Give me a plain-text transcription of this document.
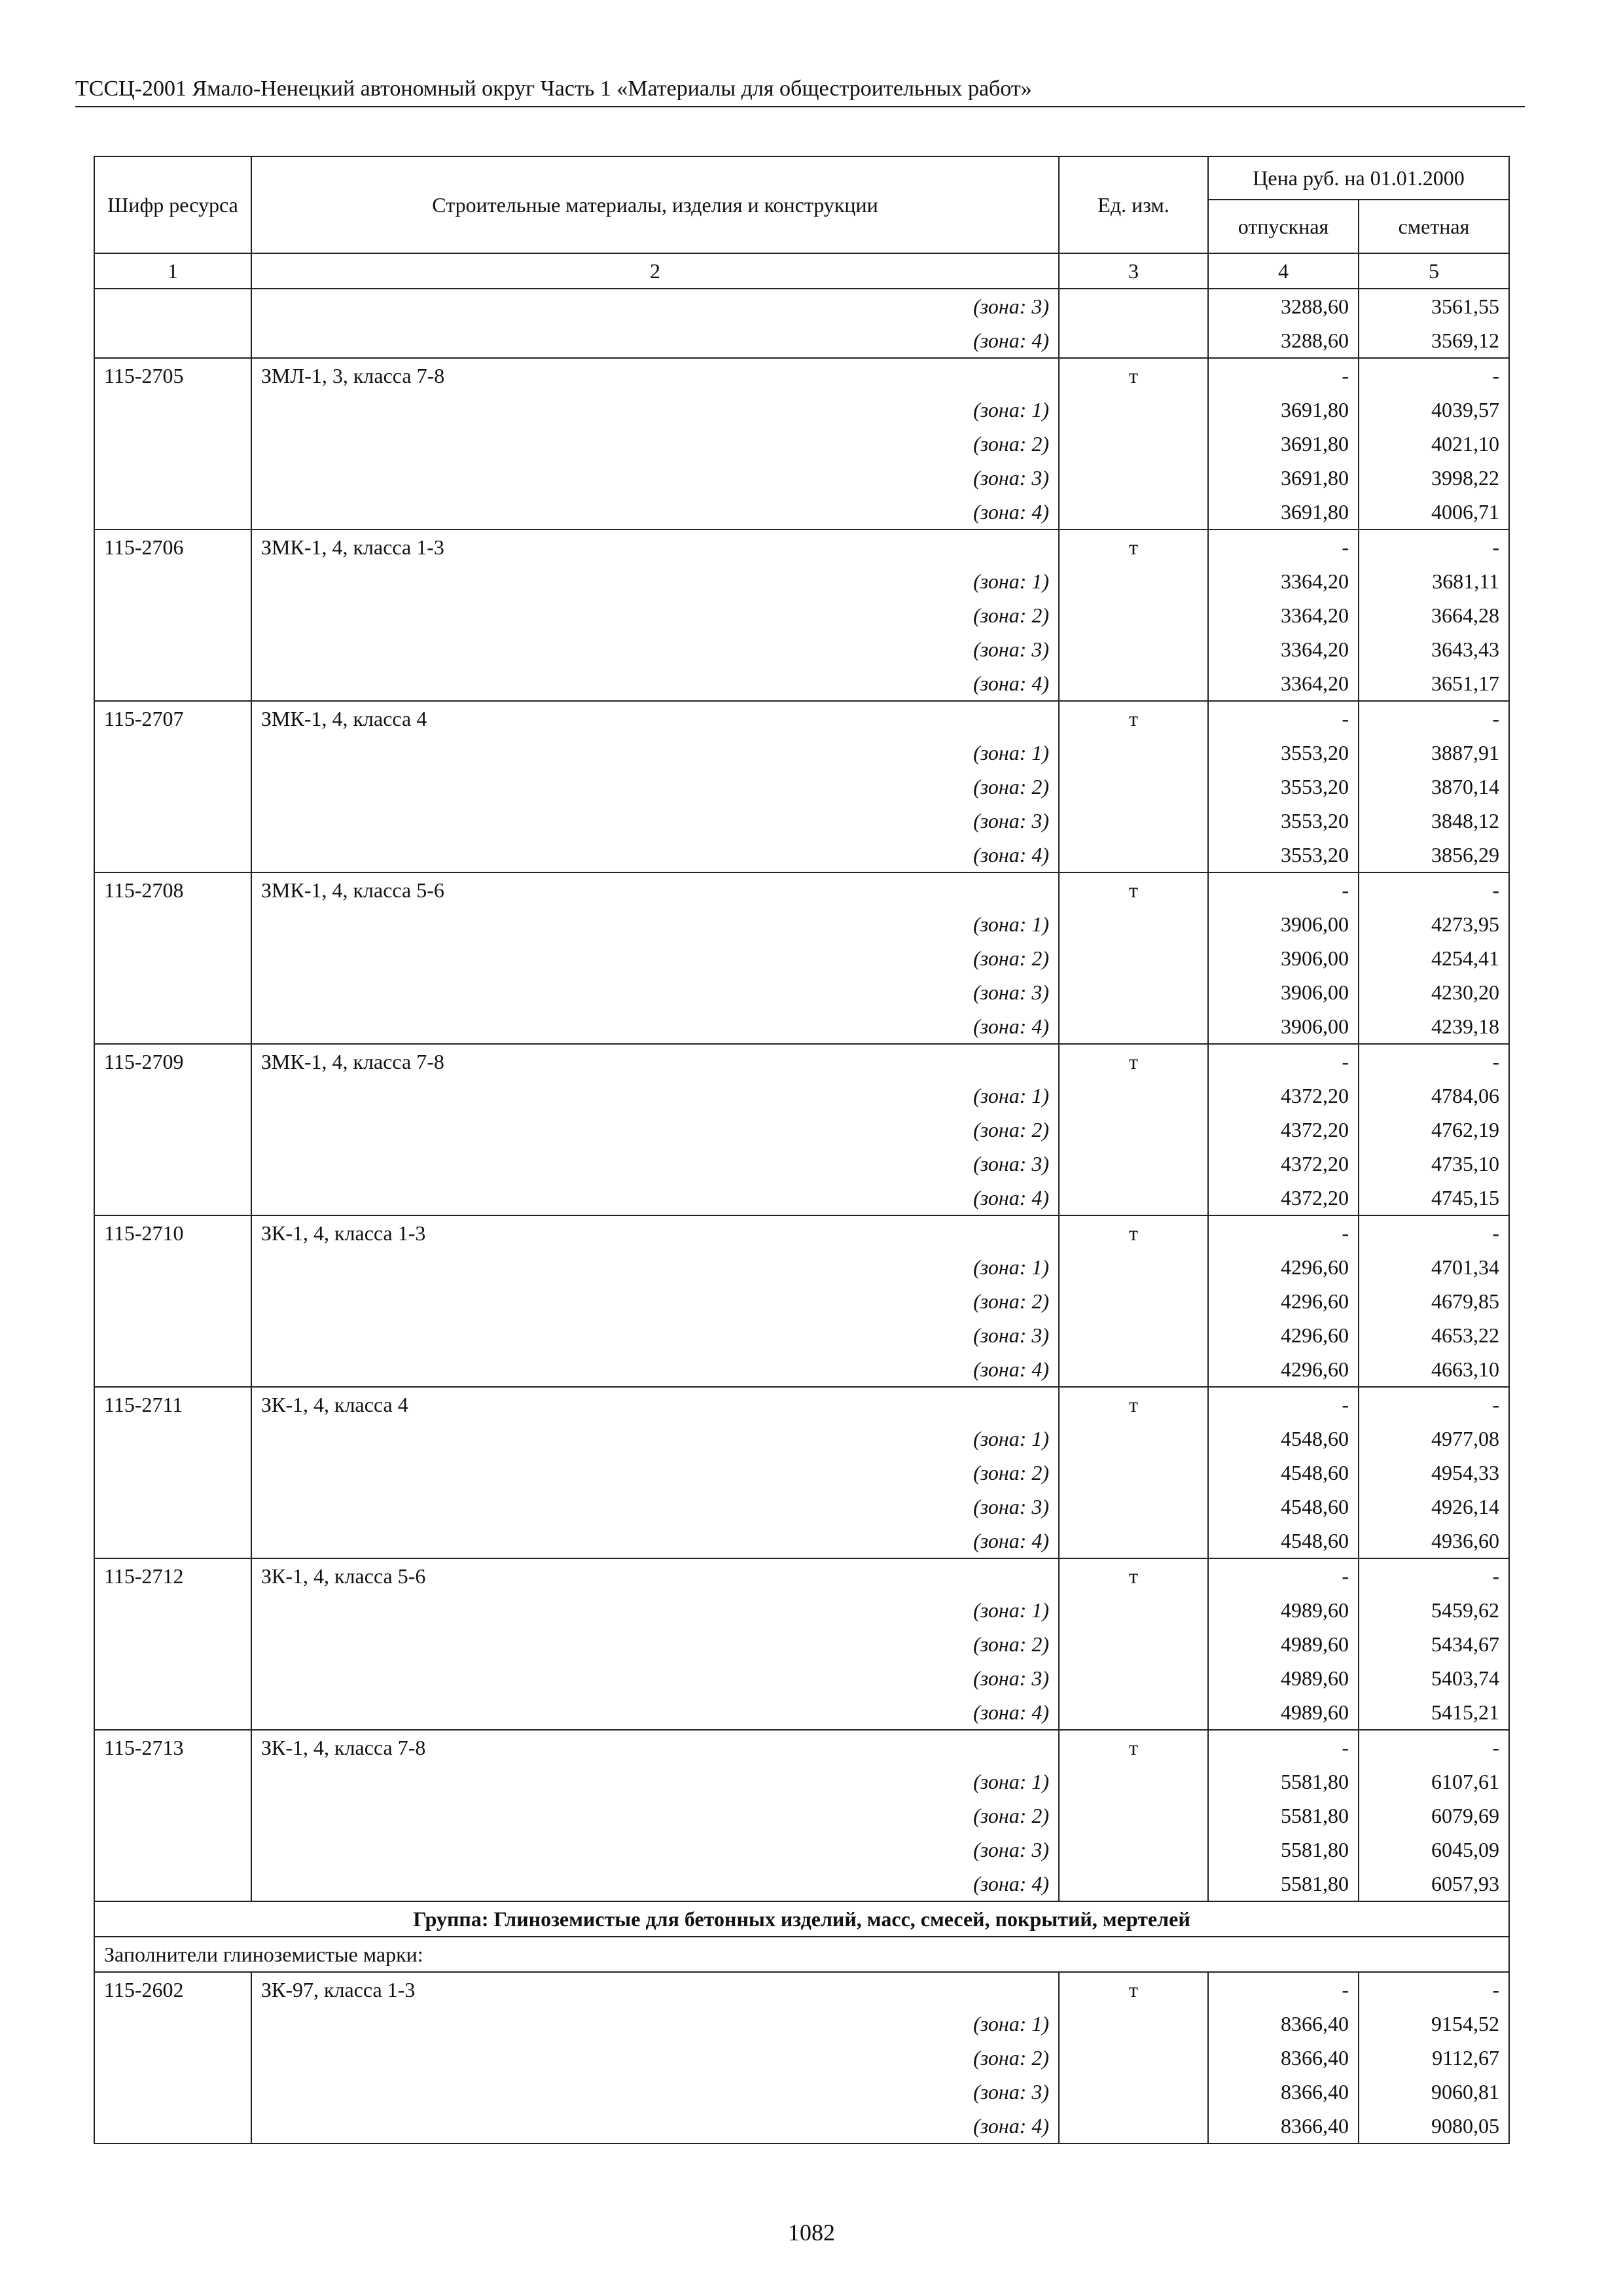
ТССЦ-2001 Ямало-Ненецкий автономный округ Часть 1 «Материалы для общестроительных работ»
Шифр ресурса	Строительные материалы, изделия и конструкции	Ед. изм.	Цена руб. на 01.01.2000	
			отпускная	сметная
1	2	3	4	5
	(зона: 3)		3288,60	3561,55
	(зона: 4)		3288,60	3569,12
115-2705	ЗМЛ-1, 3, класса 7-8	т	-	-
	(зона: 1)		3691,80	4039,57
	(зона: 2)		3691,80	4021,10
	(зона: 3)		3691,80	3998,22
	(зона: 4)		3691,80	4006,71
115-2706	ЗМК-1, 4, класса 1-3	т	-	-
	(зона: 1)		3364,20	3681,11
	(зона: 2)		3364,20	3664,28
	(зона: 3)		3364,20	3643,43
	(зона: 4)		3364,20	3651,17
115-2707	ЗМК-1, 4, класса 4	т	-	-
	(зона: 1)		3553,20	3887,91
	(зона: 2)		3553,20	3870,14
	(зона: 3)		3553,20	3848,12
	(зона: 4)		3553,20	3856,29
115-2708	ЗМК-1, 4, класса 5-6	т	-	-
	(зона: 1)		3906,00	4273,95
	(зона: 2)		3906,00	4254,41
	(зона: 3)		3906,00	4230,20
	(зона: 4)		3906,00	4239,18
115-2709	ЗМК-1, 4, класса 7-8	т	-	-
	(зона: 1)		4372,20	4784,06
	(зона: 2)		4372,20	4762,19
	(зона: 3)		4372,20	4735,10
	(зона: 4)		4372,20	4745,15
115-2710	ЗК-1, 4, класса 1-3	т	-	-
	(зона: 1)		4296,60	4701,34
	(зона: 2)		4296,60	4679,85
	(зона: 3)		4296,60	4653,22
	(зона: 4)		4296,60	4663,10
115-2711	ЗК-1, 4, класса 4	т	-	-
	(зона: 1)		4548,60	4977,08
	(зона: 2)		4548,60	4954,33
	(зона: 3)		4548,60	4926,14
	(зона: 4)		4548,60	4936,60
115-2712	ЗК-1, 4, класса 5-6	т	-	-
	(зона: 1)		4989,60	5459,62
	(зона: 2)		4989,60	5434,67
	(зона: 3)		4989,60	5403,74
	(зона: 4)		4989,60	5415,21
115-2713	ЗК-1, 4, класса 7-8	т	-	-
	(зона: 1)		5581,80	6107,61
	(зона: 2)		5581,80	6079,69
	(зона: 3)		5581,80	6045,09
	(зона: 4)		5581,80	6057,93
Группа: Глиноземистые для бетонных изделий, масс, смесей, покрытий, мертелей				
Заполнители глиноземистые марки:				
115-2602	ЗК-97, класса 1-3	т	-	-
	(зона: 1)		8366,40	9154,52
	(зона: 2)		8366,40	9112,67
	(зона: 3)		8366,40	9060,81
	(зона: 4)		8366,40	9080,05
1082
